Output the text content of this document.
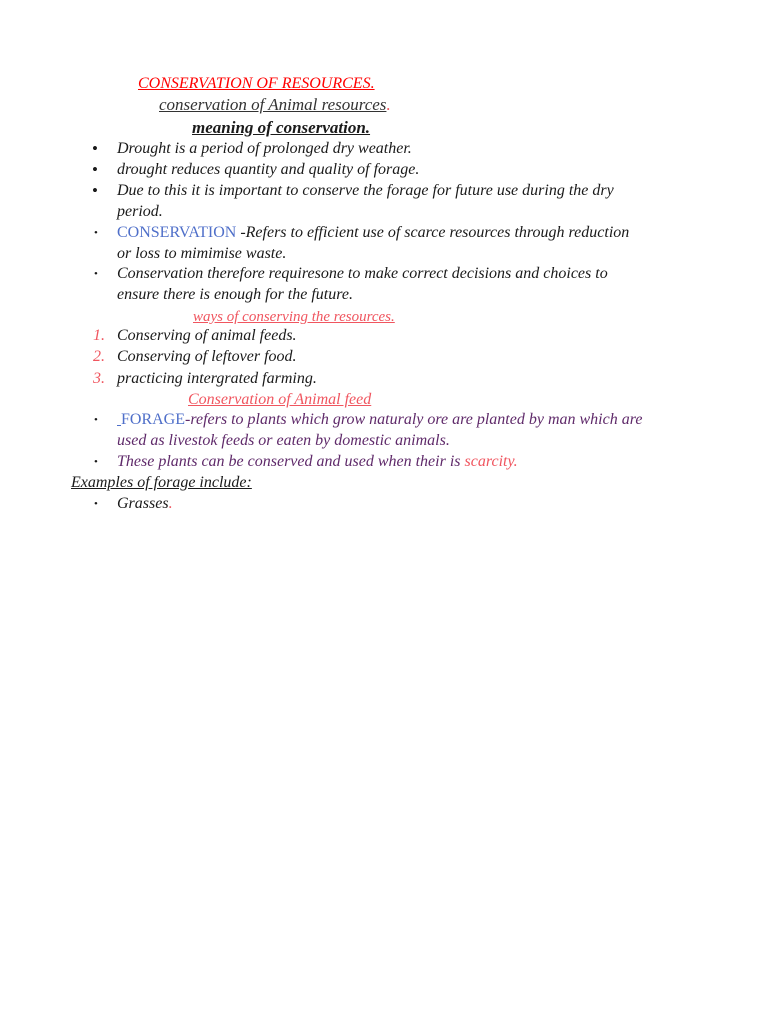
CONSERVATION OF RESOURCES.
conservation of Animal resources.
meaning of conservation.
• Drought is a period of prolonged dry weather.
• drought reduces quantity and quality of forage.
• Due to this it is important to conserve the forage for future use during the dry
period.
• CONSERVATION -Refers to efficient use of scarce resources through reduction
or loss to mimimise waste.
• Conservation therefore requiresone to make correct decisions and choices to
ensure there is enough for the future.
ways of conserving the resources.
1. Conserving of animal feeds.
2. Conserving of leftover food.
3. practicing intergrated farming.
Conservation of Animal feed
• FORAGE-refers to plants which grow naturaly ore are planted by man which are
used as livestok feeds or eaten by domestic animals.
• These plants can be conserved and used when their is scarcity.
Examples of forage include:
• Grasses.
